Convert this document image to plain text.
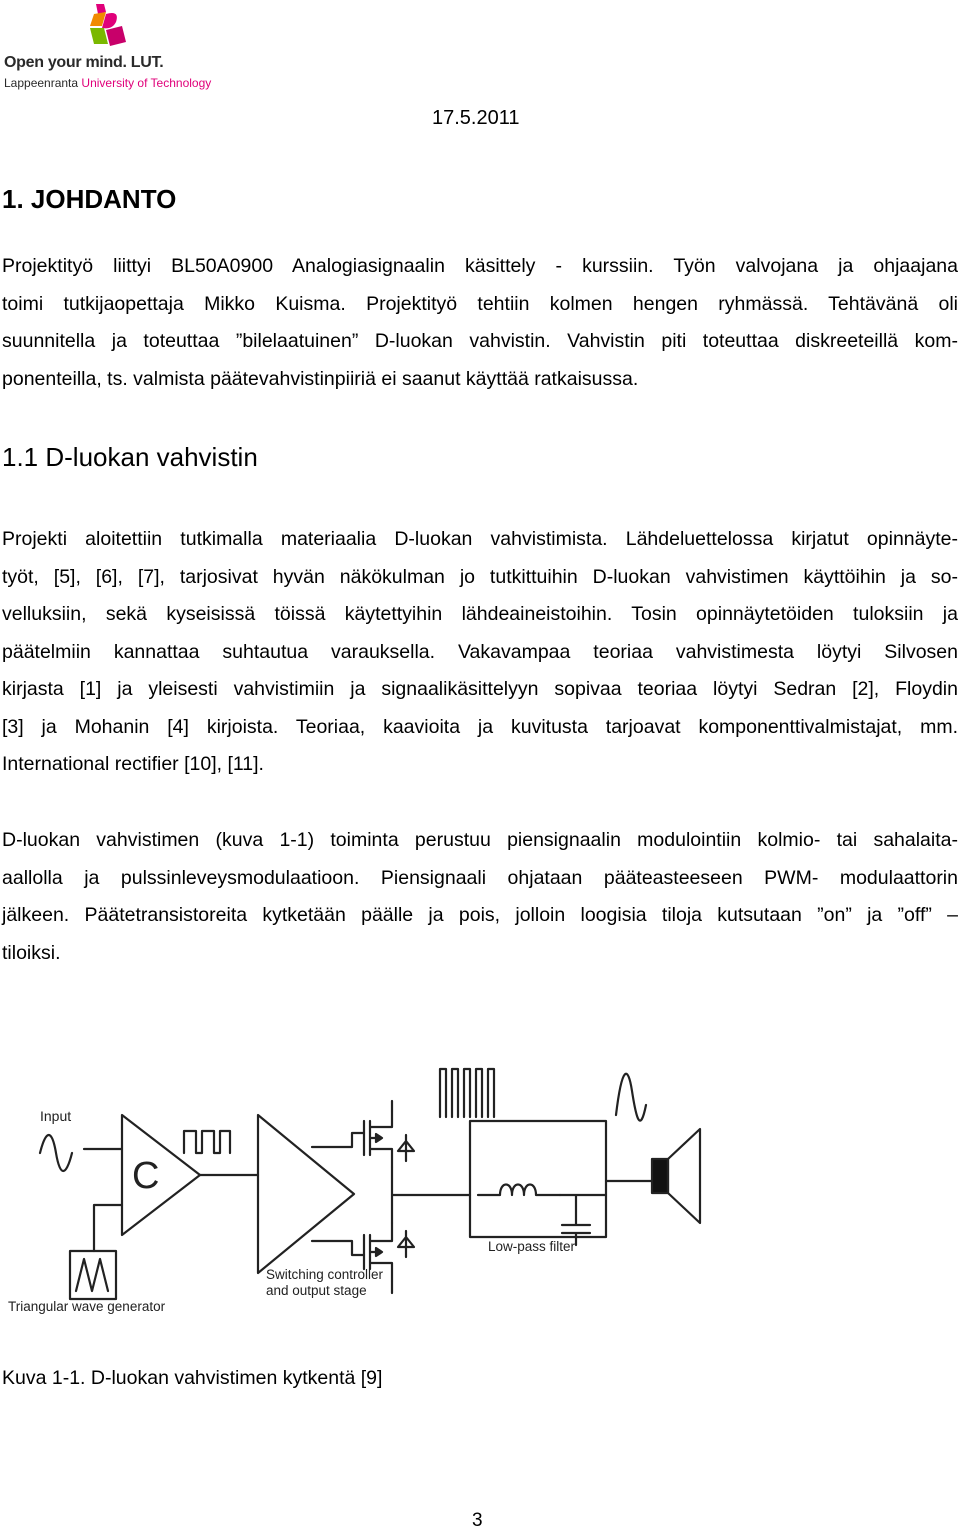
Open your mind. LUT.
Lappeenranta University of Technology
17.5.2011
1. JOHDANTO
Projektityö liittyi BL50A0900 Analogiasignaalin käsittely - kurssiin. Työn valvojana ja ohjaajana
toimi tutkijaopettaja Mikko Kuisma. Projektityö tehtiin kolmen hengen ryhmässä. Tehtävänä oli
suunnitella ja toteuttaa ”bilelaatuinen” D-luokan vahvistin. Vahvistin piti toteuttaa diskreeteillä kom-
ponenteilla, ts. valmista päätevahvistinpiiriä ei saanut käyttää ratkaisussa.
1.1 D-luokan vahvistin
Projekti aloitettiin tutkimalla materiaalia D-luokan vahvistimista. Lähdeluettelossa kirjatut opinnäyte-
työt, [5], [6], [7], tarjosivat hyvän näkökulman jo tutkittuihin D-luokan vahvistimen käyttöihin ja so-
velluksiin, sekä kyseisissä töissä käytettyihin lähdeaineistoihin. Tosin opinnäytetöiden tuloksiin ja
päätelmiin kannattaa suhtautua varauksella. Vakavampaa teoriaa vahvistimesta löytyi Silvosen
kirjasta [1] ja yleisesti vahvistimiin ja signaalikäsittelyyn sopivaa teoriaa löytyi Sedran [2], Floydin
[3] ja Mohanin [4] kirjoista. Teoriaa, kaavioita ja kuvitusta tarjoavat komponenttivalmistajat, mm.
International rectifier [10], [11].
D-luokan vahvistimen (kuva 1-1) toiminta perustuu piensignaalin modulointiin kolmio- tai sahalaita-
aallolla ja pulssinleveysmodulaatioon. Piensignaali ohjataan pääteasteeseen PWM- modulaattorin
jälkeen. Päätetransistoreita kytketään päälle ja pois, jolloin loogisia tiloja kutsutaan ”on” ja ”off” –
tiloiksi.
Input
C
Triangular wave generator
Switching controller
and output stage
Low-pass filter
Kuva 1-1. D-luokan vahvistimen kytkentä [9]
3
